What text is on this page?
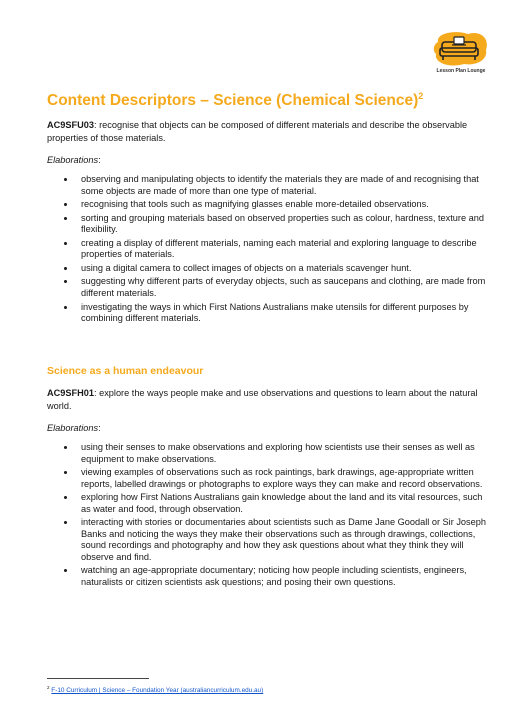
Lesson Plan Lounge
Content Descriptors – Science (Chemical Science)$^2$

AC9SFU03: recognise that objects can be composed of different materials and describe the observable properties of those materials.

Elaborations:

observing and manipulating objects to identify the materials they are made of and recognising that some objects are made of more than one type of material.
recognising that tools such as magnifying glasses enable more-detailed observations.
sorting and grouping materials based on observed properties such as colour, hardness, texture and flexibility.
creating a display of different materials, naming each material and exploring language to describe properties of materials.
using a digital camera to collect images of objects on a materials scavenger hunt.
suggesting why different parts of everyday objects, such as saucepans and clothing, are made from different materials.
investigating the ways in which First Nations Australians make utensils for different purposes by combining different materials.
Science as a human endeavour

AC9SFH01: explore the ways people make and use observations and questions to learn about the natural world.

Elaborations:

using their senses to make observations and exploring how scientists use their senses as well as equipment to make observations.
viewing examples of observations such as rock paintings, bark drawings, age-appropriate written reports, labelled drawings or photographs to explore ways they can make and record observations.
exploring how First Nations Australians gain knowledge about the land and its vital resources, such as water and food, through observation.
interacting with stories or documentaries about scientists such as Dame Jane Goodall or Sir Joseph Banks and noticing the ways they make their observations such as through drawings, collections, sound recordings and photography and how they ask questions about what they think they will observe and find.
watching an age-appropriate documentary; noticing how people including scientists, engineers, naturalists or citizen scientists ask questions; and posing their own questions.
$^2$ F-10 Curriculum | Science – Foundation Year (australiancurriculum.edu.au)
